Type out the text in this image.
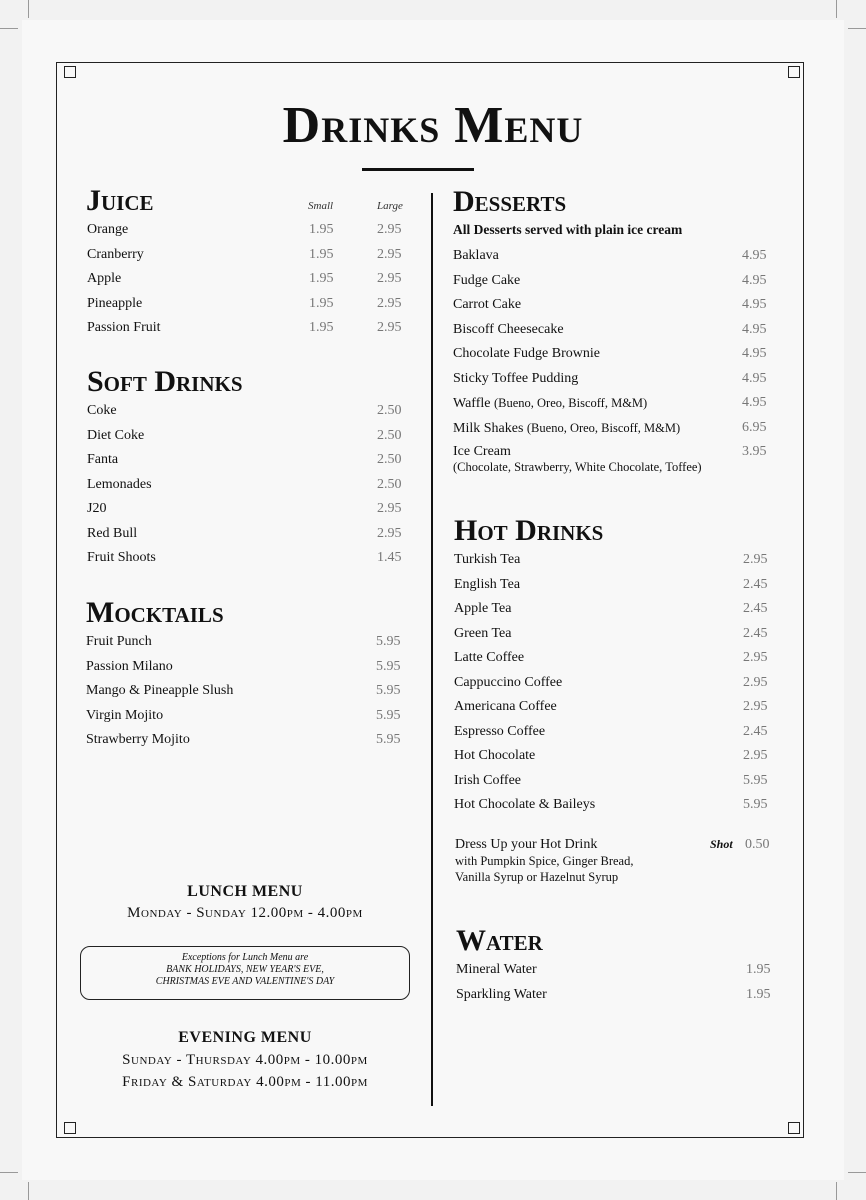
Drinks Menu
Juice	Small	Large
Orange	1.95	2.95
Cranberry	1.95	2.95
Apple	1.95	2.95
Pineapple	1.95	2.95
Passion Fruit	1.95	2.95
Soft Drinks
Coke	2.50
Diet Coke	2.50
Fanta	2.50
Lemonades	2.50
J20	2.95
Red Bull	2.95
Fruit Shoots	1.45
Mocktails
Fruit Punch	5.95
Passion Milano	5.95
Mango & Pineapple Slush	5.95
Virgin Mojito	5.95
Strawberry Mojito	5.95
LUNCH MENU
Monday - Sunday 12.00pm - 4.00pm
Exceptions for Lunch Menu are
BANK HOLIDAYS, NEW YEAR'S EVE,
CHRISTMAS EVE AND VALENTINE'S DAY
EVENING MENU
Sunday - Thursday 4.00pm - 10.00pm
Friday & Saturday 4.00pm - 11.00pm
Desserts
All Desserts served with plain ice cream
Baklava	4.95
Fudge Cake	4.95
Carrot Cake	4.95
Biscoff Cheesecake	4.95
Chocolate Fudge Brownie	4.95
Sticky Toffee Pudding	4.95
Waffle (Bueno, Oreo, Biscoff, M&M)	4.95
Milk Shakes (Bueno, Oreo, Biscoff, M&M)	6.95
Ice Cream	3.95
(Chocolate, Strawberry, White Chocolate, Toffee)
Hot Drinks
Turkish Tea	2.95
English Tea	2.45
Apple Tea	2.45
Green Tea	2.45
Latte Coffee	2.95
Cappuccino Coffee	2.95
Americana Coffee	2.95
Espresso Coffee	2.45
Hot Chocolate	2.95
Irish Coffee	5.95
Hot Chocolate & Baileys	5.95
Dress Up your Hot Drink	Shot 0.50
with Pumpkin Spice, Ginger Bread,
Vanilla Syrup or Hazelnut Syrup
Water
Mineral Water	1.95
Sparkling Water	1.95
